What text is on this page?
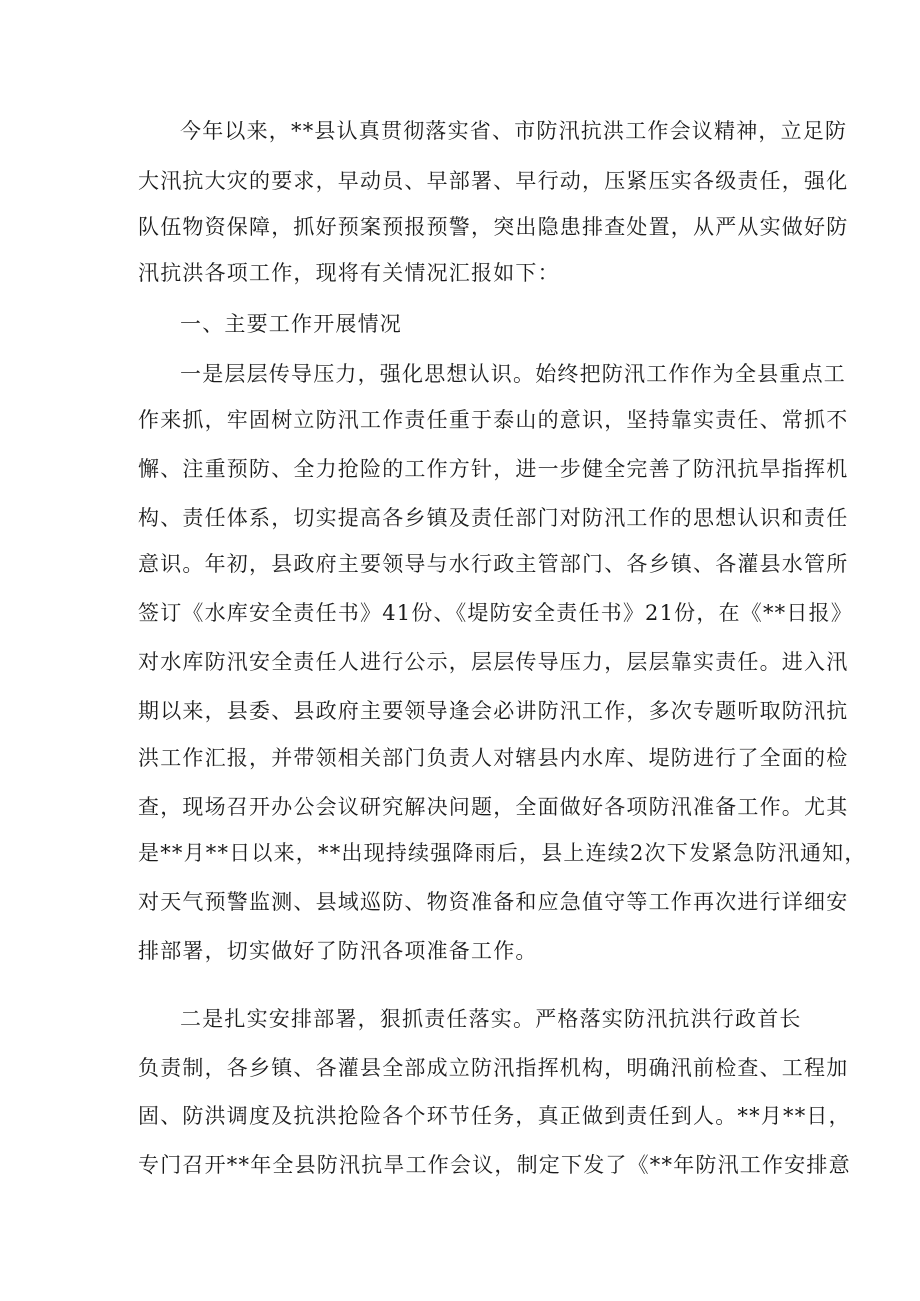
今年以来，**县认真贯彻落实省、市防汛抗洪工作会议精神，立足防
大汛抗大灾的要求，早动员、早部署、早行动，压紧压实各级责任，强化
队伍物资保障，抓好预案预报预警，突出隐患排查处置，从严从实做好防
汛抗洪各项工作，现将有关情况汇报如下：
一、主要工作开展情况
一是层层传导压力，强化思想认识。始终把防汛工作作为全县重点工
作来抓，牢固树立防汛工作责任重于泰山的意识，坚持靠实责任、常抓不
懈、注重预防、全力抢险的工作方针，进一步健全完善了防汛抗旱指挥机
构、责任体系，切实提高各乡镇及责任部门对防汛工作的思想认识和责任
意识。年初，县政府主要领导与水行政主管部门、各乡镇、各灌县水管所
签订《水库安全责任书》41份、《堤防安全责任书》21份，在《**日报》
对水库防汛安全责任人进行公示，层层传导压力，层层靠实责任。进入汛
期以来，县委、县政府主要领导逢会必讲防汛工作，多次专题听取防汛抗
洪工作汇报，并带领相关部门负责人对辖县内水库、堤防进行了全面的检
查，现场召开办公会议研究解决问题，全面做好各项防汛准备工作。尤其
是**月**日以来，**出现持续强降雨后，县上连续2次下发紧急防汛通知，
对天气预警监测、县域巡防、物资准备和应急值守等工作再次进行详细安
排部署，切实做好了防汛各项准备工作。
二是扎实安排部署，狠抓责任落实。严格落实防汛抗洪行政首长
负责制，各乡镇、各灌县全部成立防汛指挥机构，明确汛前检查、工程加
固、防洪调度及抗洪抢险各个环节任务，真正做到责任到人。**月**日，
专门召开**年全县防汛抗旱工作会议，制定下发了《**年防汛工作安排意
